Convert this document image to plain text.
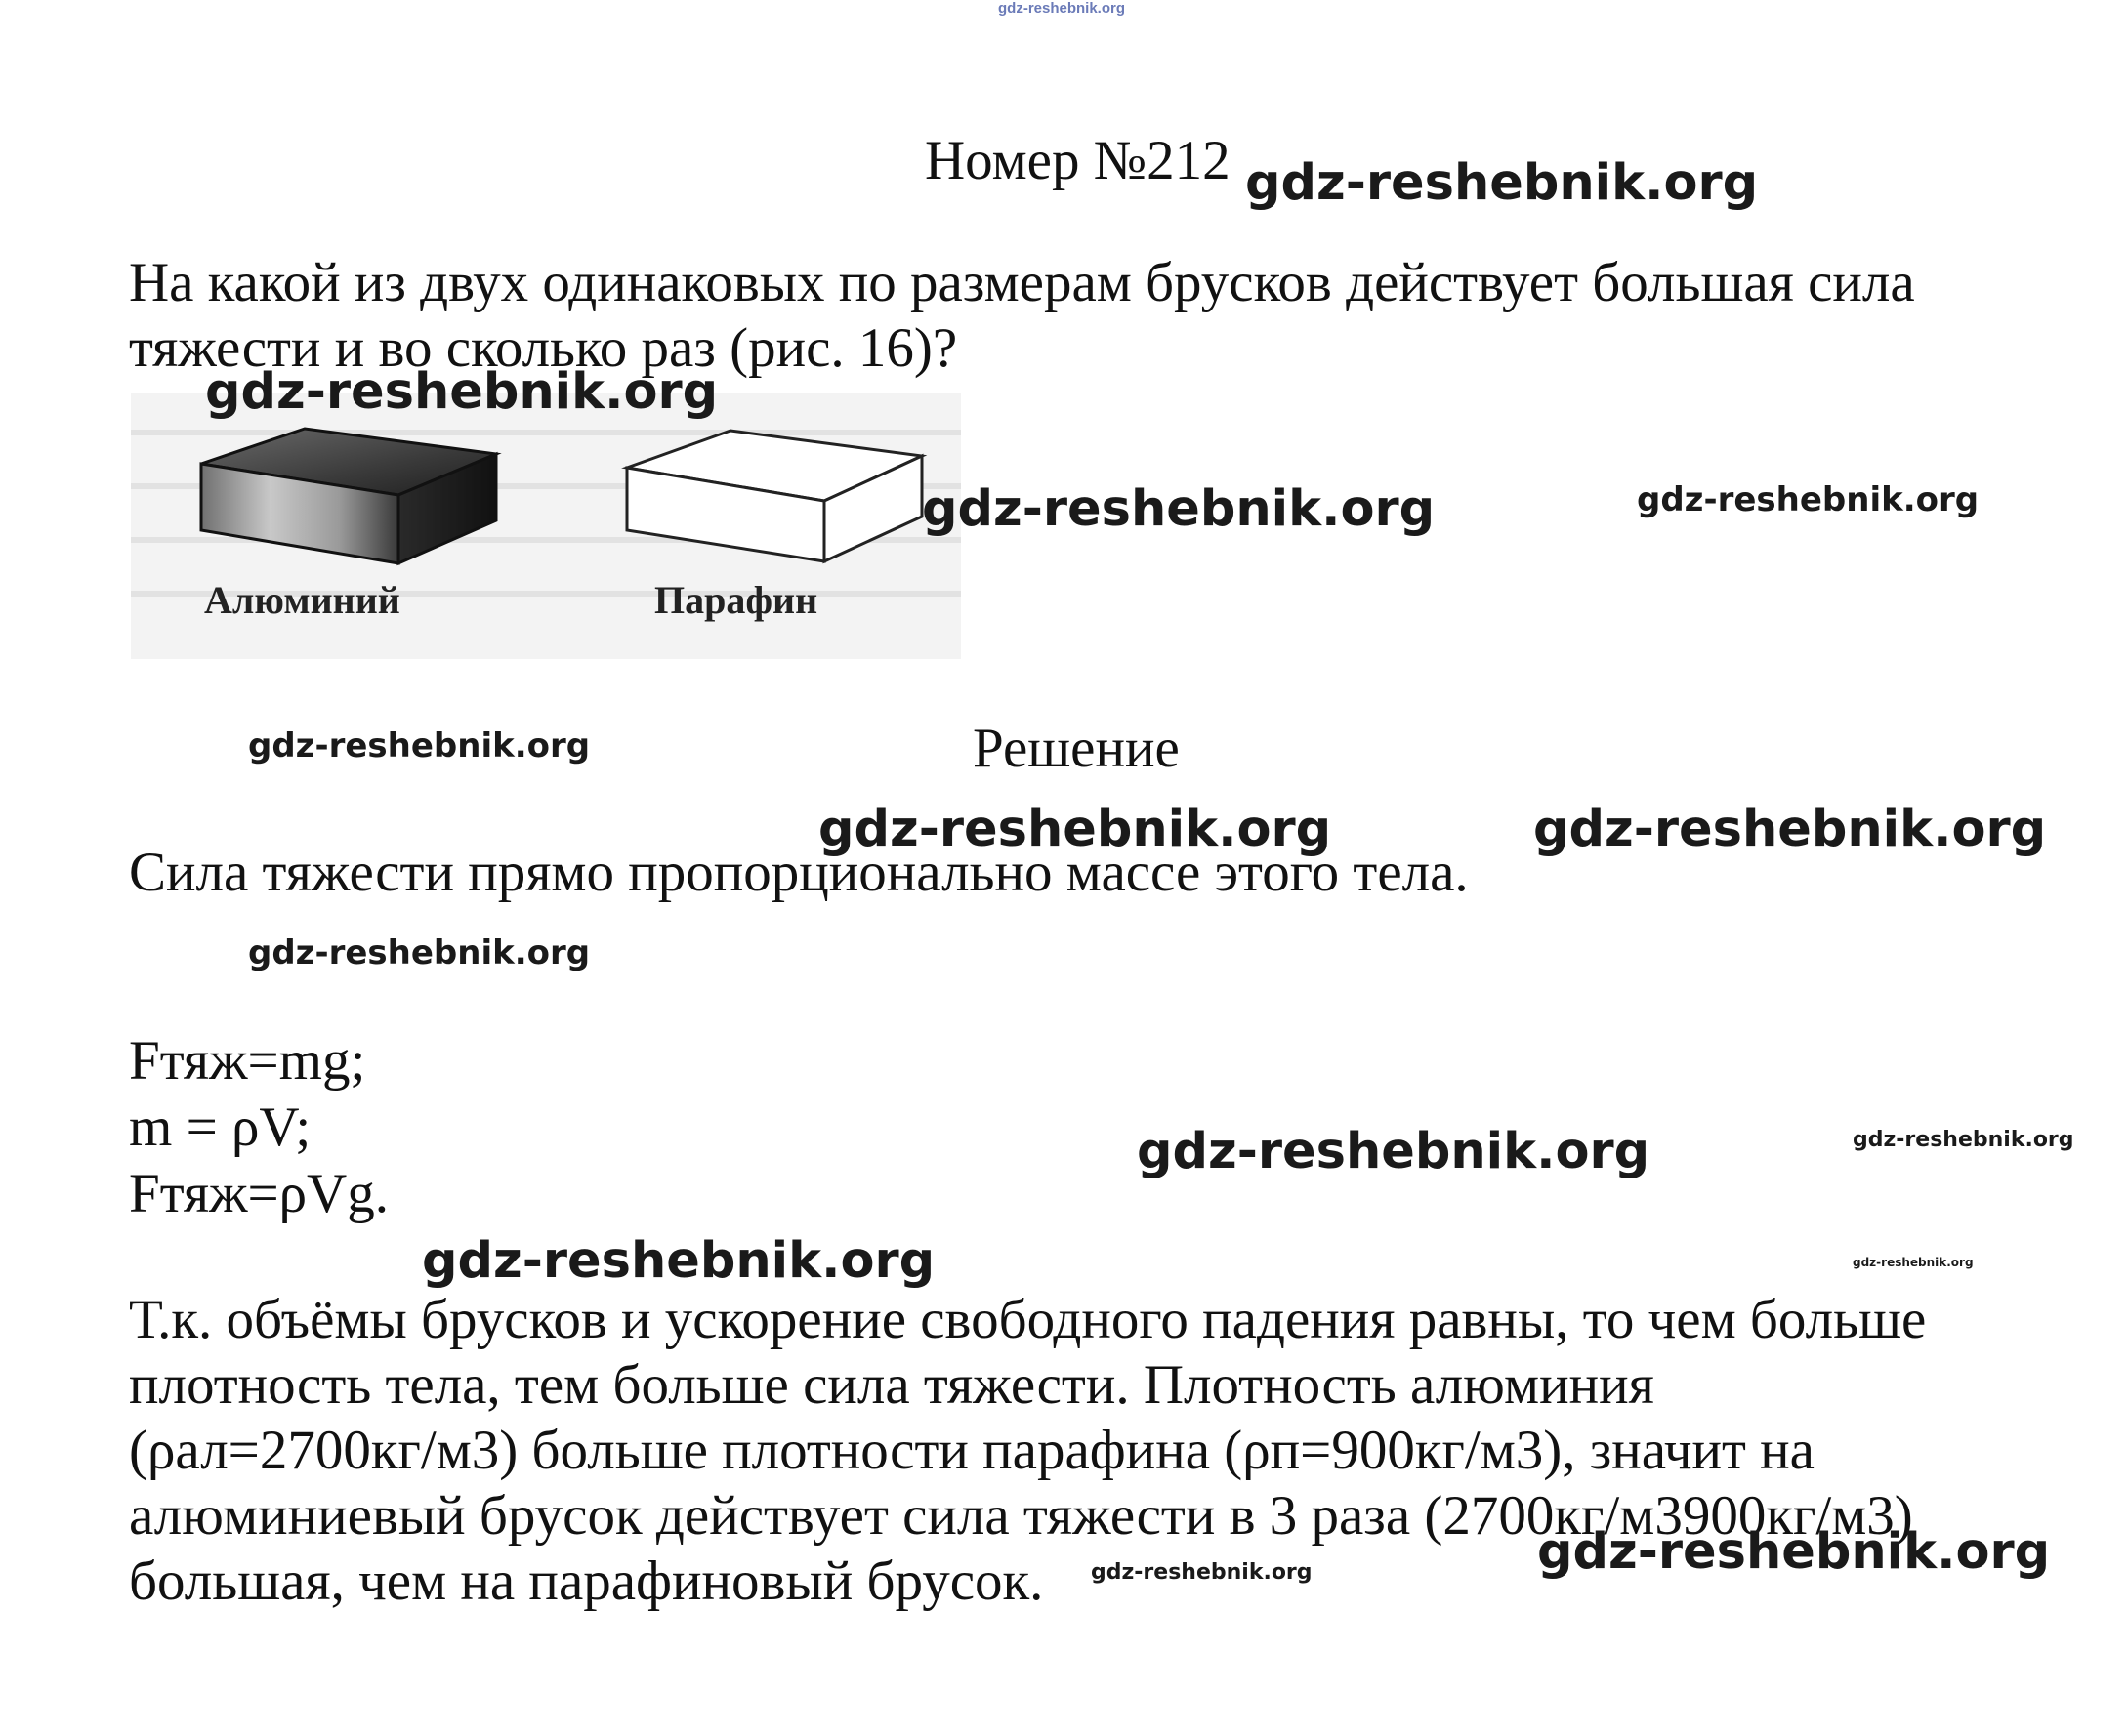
gdz-reshebnik.org
Номер №212
На какой из двух одинаковых по размерам брусков действует большая сила
тяжести и во сколько раз (рис. 16)?
Алюминий	Парафин
Решение
Сила тяжести прямо пропорционально массе этого тела.
Fтяж=mg;
m = ρV;
Fтяж=ρVg.
Т.к. объёмы брусков и ускорение свободного падения равны, то чем больше
плотность тела, тем больше сила тяжести. Плотность алюминия
(ρал=2700кг/м3) больше плотности парафина (ρп=900кг/м3), значит на
алюминиевый брусок действует сила тяжести в 3 раза (2700кг/м3900кг/м3)
большая, чем на парафиновый брусок.
gdz-reshebnik.org
gdz-reshebnik.org
gdz-reshebnik.org	gdz-reshebnik.org
gdz-reshebnik.org
gdz-reshebnik.org	gdz-reshebnik.org
gdz-reshebnik.org
gdz-reshebnik.org	gdz-reshebnik.org
gdz-reshebnik.org	gdz-reshebnik.org
gdz-reshebnik.org
gdz-reshebnik.org
